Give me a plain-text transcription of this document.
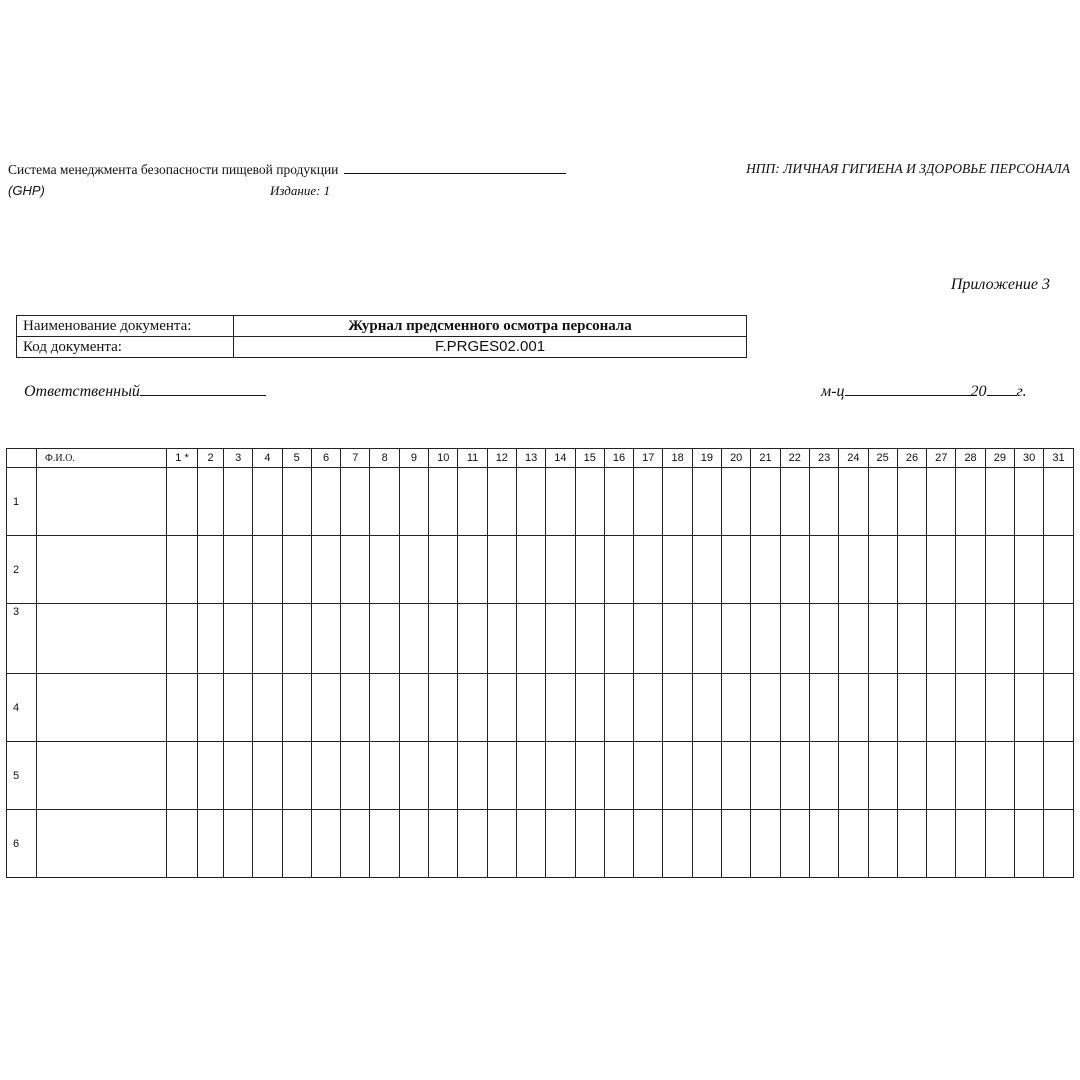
Система менеджмента безопасности пищевой продукции	НПП: ЛИЧНАЯ ГИГИЕНА И ЗДОРОВЬЕ ПЕРСОНАЛА
(GHP)	Издание: 1
Приложение 3
Наименование документа:	Журнал предсменного осмотра персонала
Код документа:	F.PRGES02.001
Ответственный	м-ц	20 г.
	Ф.И.О.	1 *	2	3	4	5	6	7	8	9	10	11	12	13	14	15	16	17	18	19	20	21	22	23	24	25	26	27	28	29	30	31
1																																
2																																
3																																
4																																
5																																
6																																
